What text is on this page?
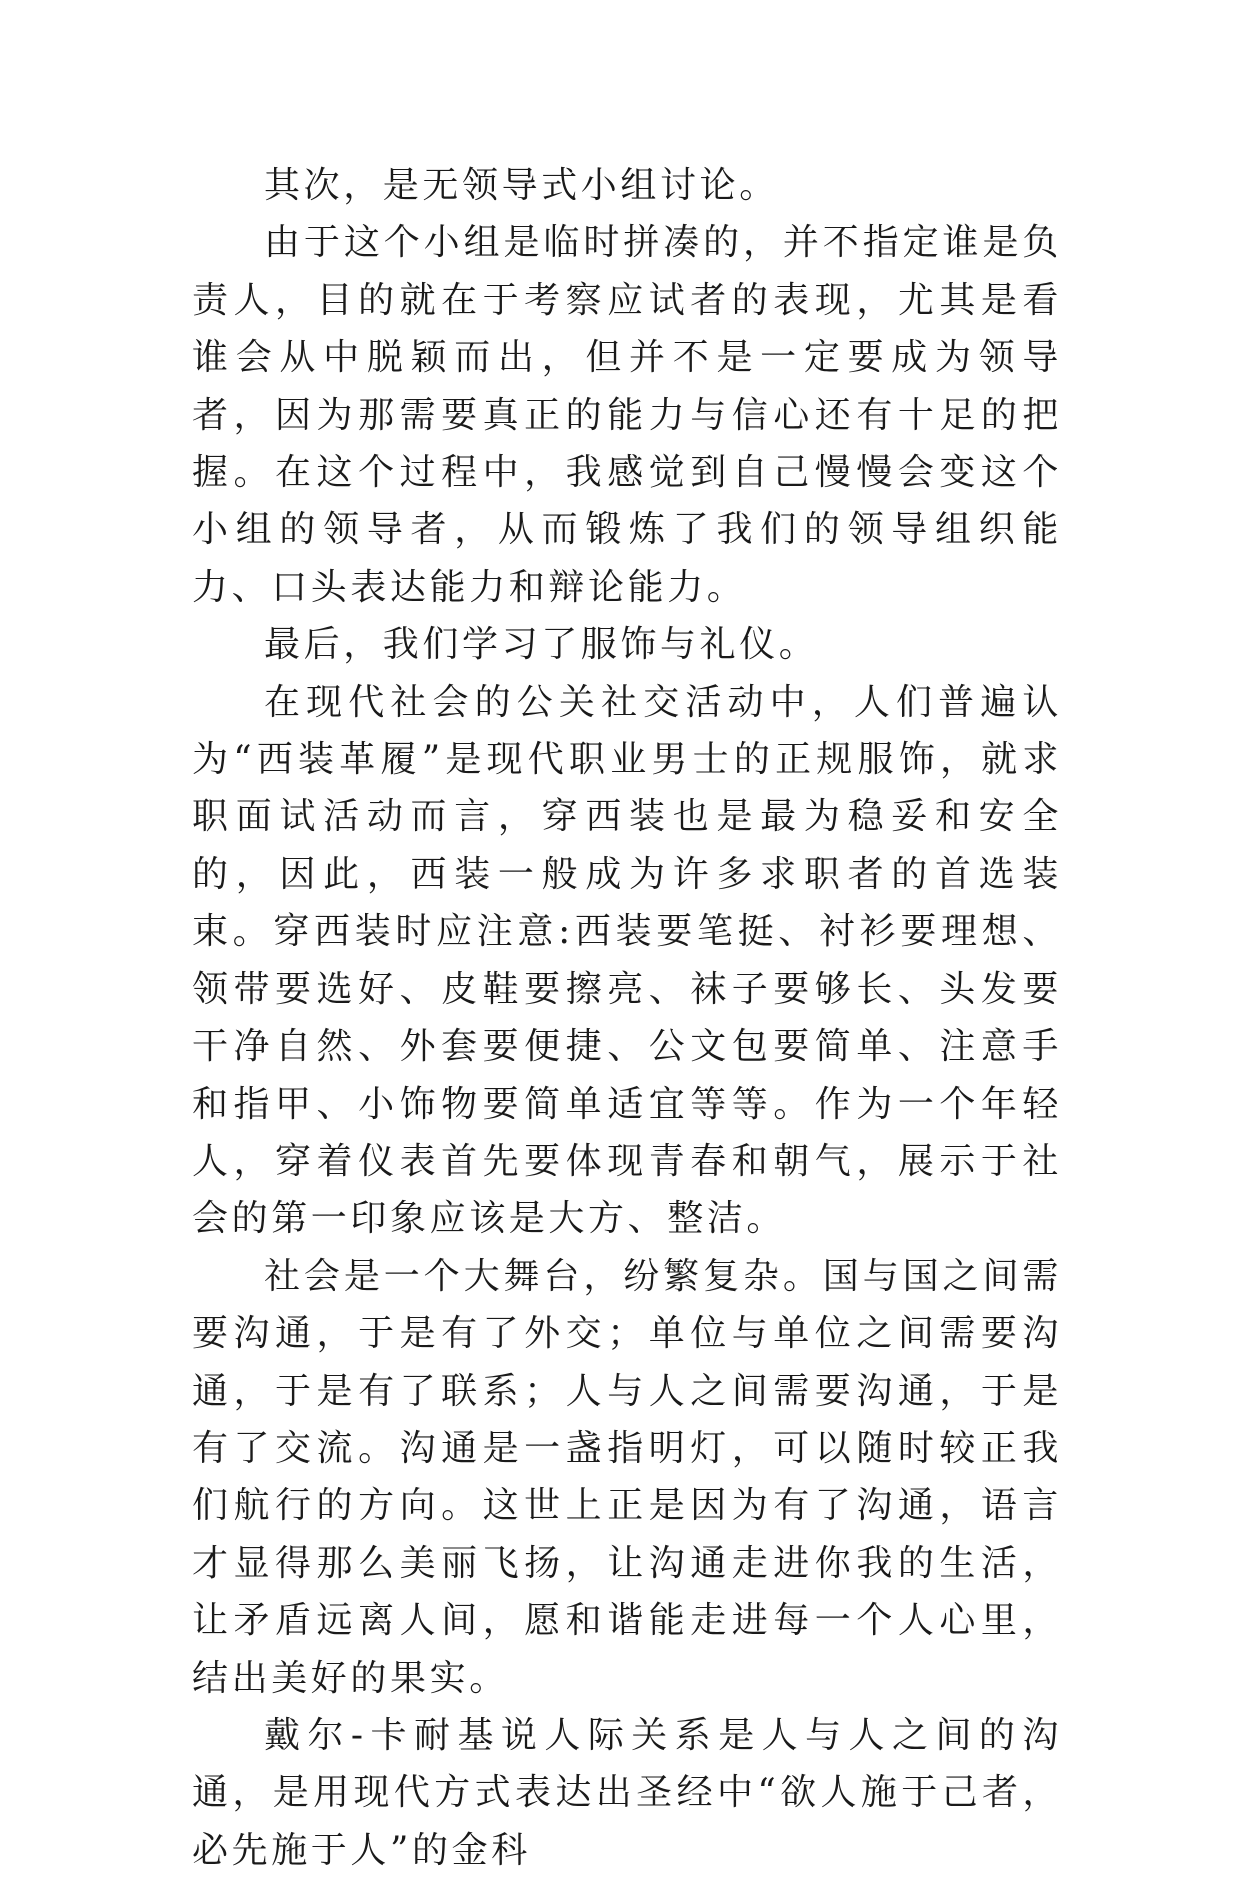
其次，是无领导式小组讨论。

由于这个小组是临时拼凑的，并不指定谁是负责人，目的就在于考察应试者的表现，尤其是看谁会从中脱颖而出，但并不是一定要成为领导者，因为那需要真正的能力与信心还有十足的把握。在这个过程中，我感觉到自己慢慢会变这个小组的领导者，从而锻炼了我们的领导组织能力、口头表达能力和辩论能力。

最后，我们学习了服饰与礼仪。

在现代社会的公关社交活动中，人们普遍认为“西装革履”是现代职业男士的正规服饰，就求职面试活动而言，穿西装也是最为稳妥和安全的，因此，西装一般成为许多求职者的首选装束。穿西装时应注意:西装要笔挺、衬衫要理想、领带要选好、皮鞋要擦亮、袜子要够长、头发要干净自然、外套要便捷、公文包要简单、注意手和指甲、小饰物要简单适宜等等。作为一个年轻人，穿着仪表首先要体现青春和朝气，展示于社会的第一印象应该是大方、整洁。

社会是一个大舞台，纷繁复杂。国与国之间需要沟通，于是有了外交；单位与单位之间需要沟通，于是有了联系；人与人之间需要沟通，于是有了交流。沟通是一盏指明灯，可以随时较正我们航行的方向。这世上正是因为有了沟通，语言才显得那么美丽飞扬，让沟通走进你我的生活，让矛盾远离人间，愿和谐能走进每一个人心里，结出美好的果实。

戴尔-卡耐基说人际关系是人与人之间的沟通，是用现代方式表达出圣经中“欲人施于己者，必先施于人”的金科
